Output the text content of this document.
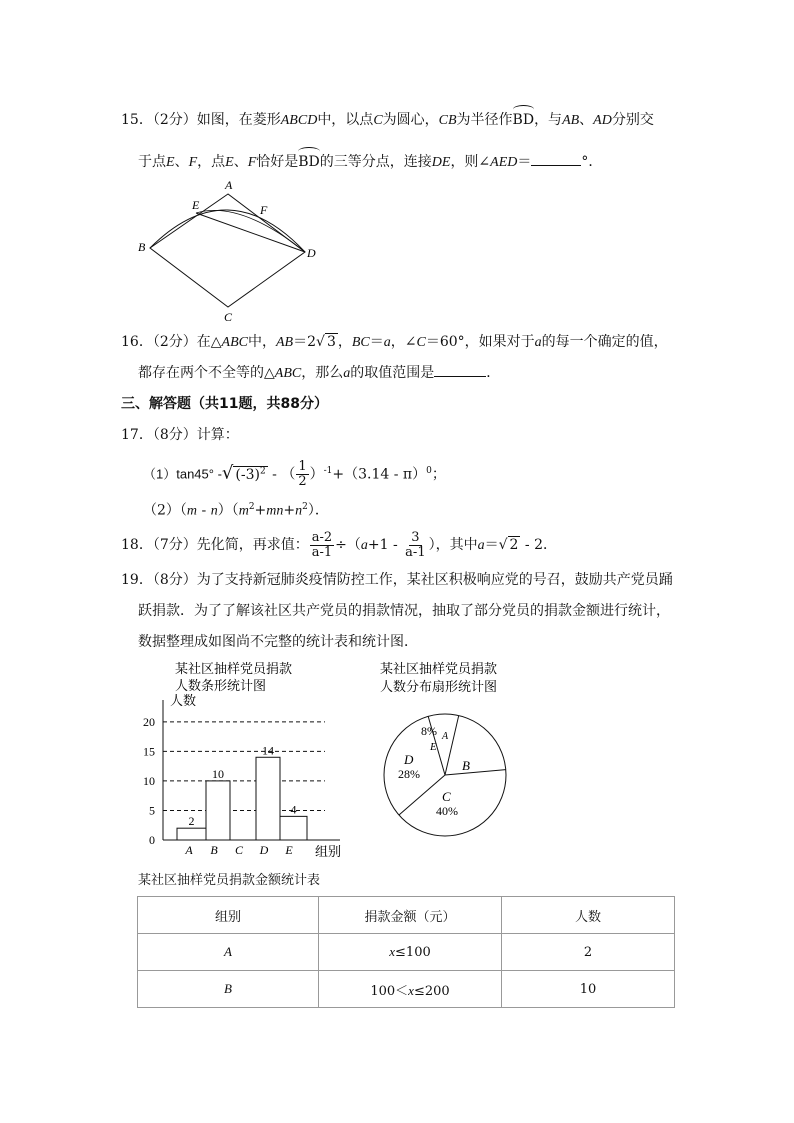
15．（2分）如图，在菱形ABCD中，以点C为圆心，CB为半径作BD，与AB、AD分别交
于点E、F，点E、F恰好是BD的三等分点，连接DE，则∠AED＝	°．
A
B
C
D
E	F
16．（2分）在△ABC中，AB＝2√ 3 ，BC＝a，∠C＝60°，如果对于a的每一个确定的值，
都存在两个不全等的△ABC，那么a的取值范围是	．
三、解答题（共11题，共88分）
17．（8分）计算：
（1）tan45° -√ $(-3)^2$ - （ $\frac{1}{2} )^{-1}+(3.14 - \pi)^0$；
$(2)(m - n)(m^2+mn+n^2)$．
18．（7分）先化简，再求值： $\frac{a-2}{a-1} \div(a+1 - \frac{3}{a-1}$ ），其中a＝√ 2 - 2．
19．（8分）为了支持新冠肺炎疫情防控工作，某社区积极响应党的号召，鼓励共产党员踊
跃捐款．为了了解该社区共产党员的捐款情况，抽取了部分党员的捐款金额进行统计，
数据整理成如图尚不完整的统计表和统计图．
某社区抽样党员捐款
人数条形统计图
人数
组别
0
5
10
15
20
A B C D E
2
10
14
4
某社区抽样党员捐款
人数分布扇形统计图
A
B
C
40%
D
28%
E
8%
某社区抽样党员捐款金额统计表
组别	捐款金额（元）	人数
A	x≤100	2
B	100＜x≤200	10
